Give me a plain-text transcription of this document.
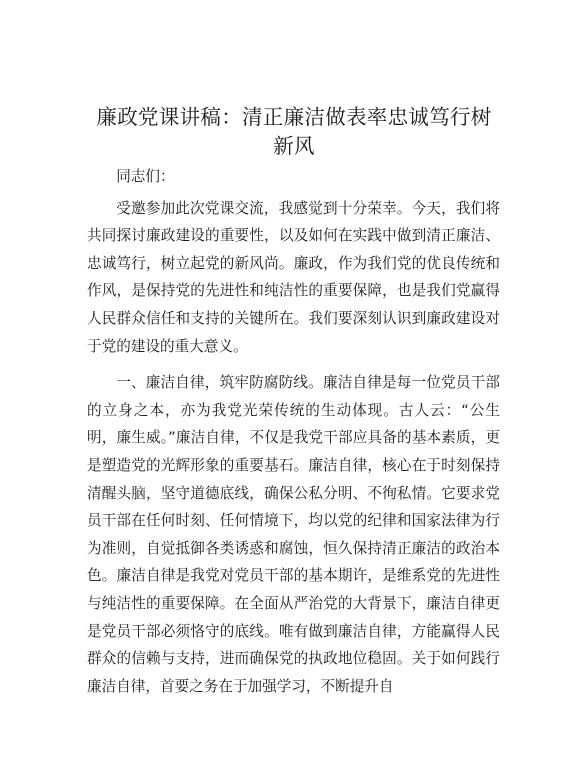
廉政党课讲稿：清正廉洁做表率忠诚笃行树新风

同志们：

受邀参加此次党课交流，我感觉到十分荣幸。今天，我们将共同探讨廉政建设的重要性，以及如何在实践中做到清正廉洁、忠诚笃行，树立起党的新风尚。廉政，作为我们党的优良传统和作风，是保持党的先进性和纯洁性的重要保障，也是我们党赢得人民群众信任和支持的关键所在。我们要深刻认识到廉政建设对于党的建设的重大意义。

一、廉洁自律，筑牢防腐防线。廉洁自律是每一位党员干部的立身之本，亦为我党光荣传统的生动体现。古人云：“公生明，廉生威。”廉洁自律，不仅是我党干部应具备的基本素质，更是塑造党的光辉形象的重要基石。廉洁自律，核心在于时刻保持清醒头脑，坚守道德底线，确保公私分明、不徇私情。它要求党员干部在任何时刻、任何情境下，均以党的纪律和国家法律为行为准则，自觉抵御各类诱惑和腐蚀，恒久保持清正廉洁的政治本色。廉洁自律是我党对党员干部的基本期许，是维系党的先进性与纯洁性的重要保障。在全面从严治党的大背景下，廉洁自律更是党员干部必须恪守的底线。唯有做到廉洁自律，方能赢得人民群众的信赖与支持，进而确保党的执政地位稳固。关于如何践行廉洁自律，首要之务在于加强学习，不断提升自
